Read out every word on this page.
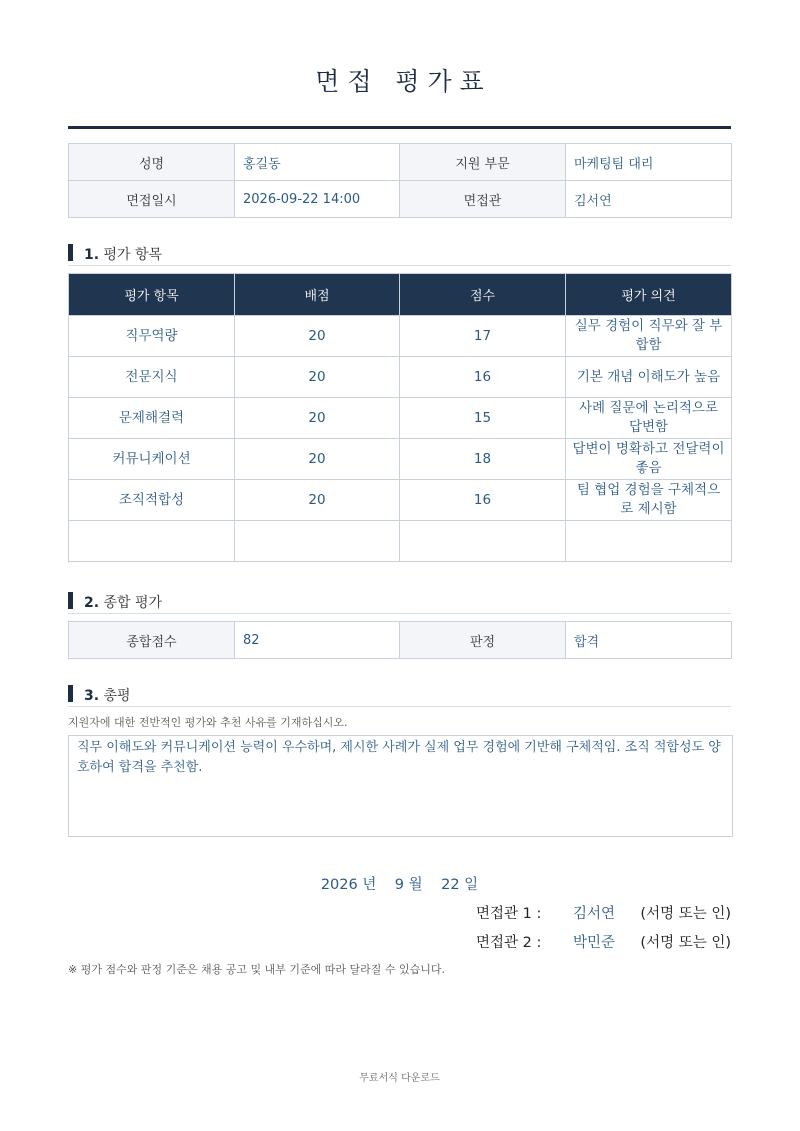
면 접   평 가 표
성명	홍길동	지원 부문	마케팅팀 대리
면접일시	2026-09-22 14:00	면접관	김서연
1. 평가 항목
평가 항목	배점	점수	평가 의견
직무역량	20	17	실무 경험이 직무와 잘 부합함
전문지식	20	16	기본 개념 이해도가 높음
문제해결력	20	15	사례 질문에 논리적으로 답변함
커뮤니케이션	20	18	답변이 명확하고 전달력이 좋음
조직적합성	20	16	팀 협업 경험을 구체적으로 제시함

2. 종합 평가
종합점수	82	판정	합격
3. 총평
지원자에 대한 전반적인 평가와 추천 사유를 기재하십시오.
직무 이해도와 커뮤니케이션 능력이 우수하며, 제시한 사례가 실제 업무 경험에 기반해 구체적임. 조직 적합성도 양호하여 합격을 추천함.
2026 년 9 월 22 일
면접관 1 : 김서연 (서명 또는 인)
면접관 2 : 박민준 (서명 또는 인)
※ 평가 점수와 판정 기준은 채용 공고 및 내부 기준에 따라 달라질 수 있습니다.
무료서식 다운로드
